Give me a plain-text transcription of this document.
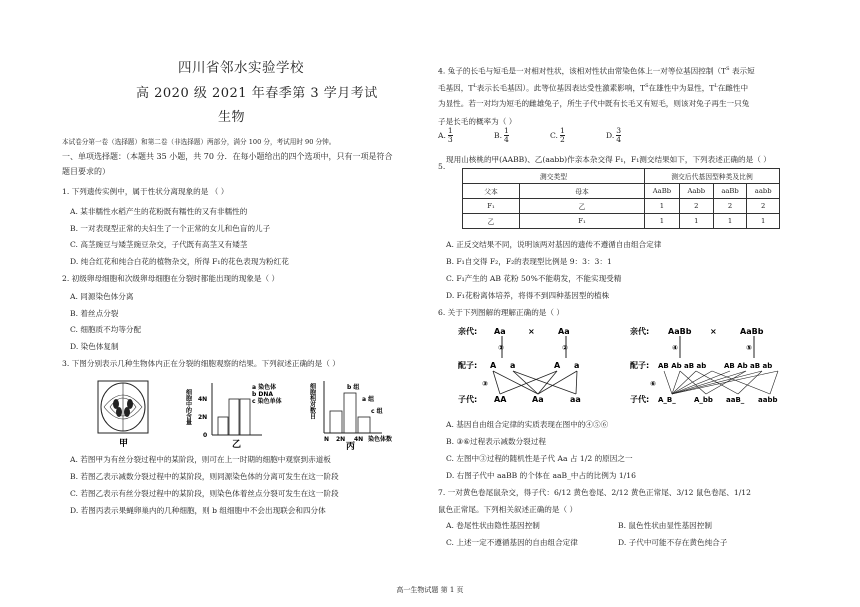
四川省邻水实验学校
高 2020 级 2021 年春季第 3 学月考试
生物
本试卷分第一卷（选择题）和第二卷（非选择题）两部分，满分 100 分，考试用时 90 分钟。
一、单项选择题：（本题共 35 小题，共 70 分．在每小题给出的四个选项中，只有一项是符合
题目要求的）
1. 下列遗传实例中，属于性状分离现象的是 （ ）
A. 某非糯性水稻产生的花粉既有糯性的又有非糯性的
B. 一对表现型正常的夫妇生了一个正常的女儿和色盲的儿子
C. 高茎豌豆与矮茎豌豆杂交，子代既有高茎又有矮茎
D. 纯合红花和纯合白花的植物杂交，所得 F₁的花色表现为粉红花
2. 初级卵母细胞和次级卵母细胞在分裂时都能出现的现象是（ ）
A. 同源染色体分离
B. 着丝点分裂
C. 细胞质不均等分配
D. 染色体复制
3. 下图分别表示几种生物体内正在分裂的细胞观察的结果。下列叙述正确的是（ ）
甲
细胞中的含量 4N
2N
0
a 染色体
b DNA
c 染色单体
乙
细胞相对数目	b 组
a 组
c 组
N 2N 4N 染色体数
丙
A. 若图甲为有丝分裂过程中的某阶段，则可在上一时期的细胞中观察到赤道板
B. 若图乙表示减数分裂过程中的某阶段，则同源染色体的分离可发生在这一阶段
C. 若图乙表示有丝分裂过程中的某阶段，则染色体着丝点分裂可发生在这一阶段
D. 若图丙表示果蝇卵巢内的几种细胞，则 b 组细胞中不会出现联会和四分体
4. 兔子的长毛与短毛是一对相对性状，该相对性状由常染色体上一对等位基因控制（$T^S$ 表示短
毛基因，$T^L$表示长毛基因）。此等位基因表达受性激素影响，$T^S$在雄性中为显性，$T^L$在雌性中
为显性。若一对均为短毛的雌雄兔子，所生子代中既有长毛又有短毛，则该对兔子再生一只兔
子是长毛的概率为（ ）
A. $\frac{1}{3}$	B. $\frac{1}{4}$	C. $\frac{1}{2}$	D. $\frac{3}{4}$
5.
现用山核桃的甲(AABB)、乙(aabb)作亲本杂交得 F₁，F₁测交结果如下，下列表述正确的是（ ）
测交类型		测交后代基因型种类及比例			
父本	母本	AaBb	Aabb	aaBb	aabb
F₁	乙	1	2	2	2
乙	F₁	1	1	1	1
A. 正反交结果不同，说明该两对基因的遗传不遵循自由组合定律
B. F₁自交得 F₂，F₂的表现型比例是 9：3：3：1
C. F₁产生的 AB 花粉 50%不能萌发，不能实现受精
D. F₁花粉离体培养，将得不到四种基因型的植株
6. 关于下列图解的理解正确的是（ ）
亲代: Aa	×	Aa
①	②
配子: A a	A a
③
子代: AA	Aa	aa
亲代: AaBb ×	AaBb
④	⑤
配子: AB Ab aB ab	AB Ab aB ab
⑥
子代: A_B_	A_bb aaB_ aabb
A. 基因自由组合定律的实质表现在图中的④⑤⑥
B. ③⑥过程表示减数分裂过程
C. 左图中③过程的随机性是子代 Aa 占 1/2 的原因之一
D. 右图子代中 aaBB 的个体在 aaB_中占的比例为 1/16
7. 一对黄色卷尾鼠杂交，得子代：6/12 黄色卷尾、2/12 黄色正常尾、3/12 鼠色卷尾、1/12
鼠色正常尾。下列相关叙述正确的是（ ）
A. 卷尾性状由隐性基因控制	B. 鼠色性状由显性基因控制
C. 上述一定不遵循基因的自由组合定律	D. 子代中可能不存在黄色纯合子
高一生物试题 第 1 页
